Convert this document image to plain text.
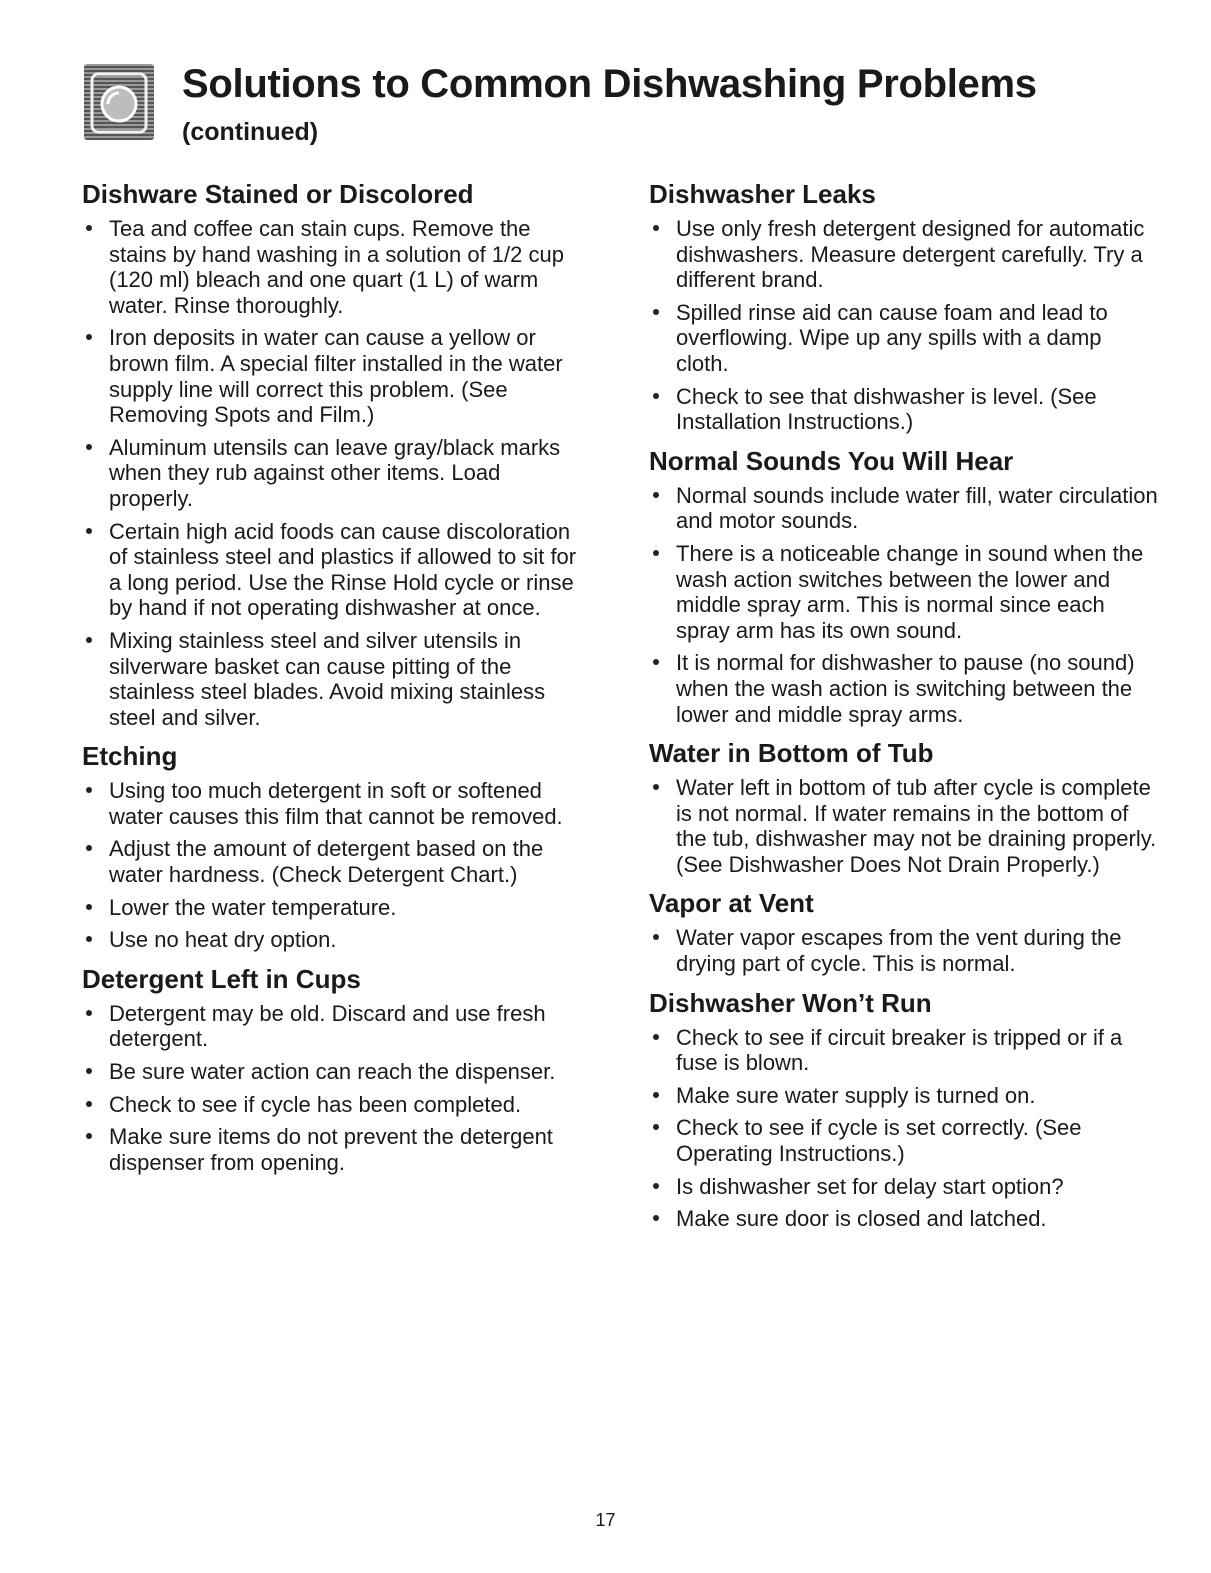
Solutions to Common Dishwashing Problems

(continued)

Dishware Stained or Discolored
Tea and coffee can stain cups. Remove the stains by hand washing in a solution of 1/2 cup (120 ml) bleach and one quart (1 L) of warm water. Rinse thoroughly.
Iron deposits in water can cause a yellow or brown film. A special filter installed in the water supply line will correct this problem. (See Removing Spots and Film.)
Aluminum utensils can leave gray/black marks when they rub against other items. Load properly.
Certain high acid foods can cause discoloration of stainless steel and plastics if allowed to sit for a long period. Use the Rinse Hold cycle or rinse by hand if not operating dishwasher at once.
Mixing stainless steel and silver utensils in silverware basket can cause pitting of the stainless steel blades. Avoid mixing stainless steel and silver.
Etching
Using too much detergent in soft or softened water causes this film that cannot be removed.
Adjust the amount of detergent based on the water hardness. (Check Detergent Chart.)
Lower the water temperature.
Use no heat dry option.
Detergent Left in Cups
Detergent may be old. Discard and use fresh detergent.
Be sure water action can reach the dispenser.
Check to see if cycle has been completed.
Make sure items do not prevent the detergent dispenser from opening.
Dishwasher Leaks
Use only fresh detergent designed for automatic dishwashers. Measure detergent carefully. Try a different brand.
Spilled rinse aid can cause foam and lead to overflowing. Wipe up any spills with a damp cloth.
Check to see that dishwasher is level. (See Installation Instructions.)
Normal Sounds You Will Hear
Normal sounds include water fill, water circulation and motor sounds.
There is a noticeable change in sound when the wash action switches between the lower and middle spray arm. This is normal since each spray arm has its own sound.
It is normal for dishwasher to pause (no sound) when the wash action is switching between the lower and middle spray arms.
Water in Bottom of Tub
Water left in bottom of tub after cycle is complete is not normal. If water remains in the bottom of the tub, dishwasher may not be draining properly. (See Dishwasher Does Not Drain Properly.)
Vapor at Vent
Water vapor escapes from the vent during the drying part of cycle. This is normal.
Dishwasher Won’t Run
Check to see if circuit breaker is tripped or if a fuse is blown.
Make sure water supply is turned on.
Check to see if cycle is set correctly. (See Operating Instructions.)
Is dishwasher set for delay start option?
Make sure door is closed and latched.
17
